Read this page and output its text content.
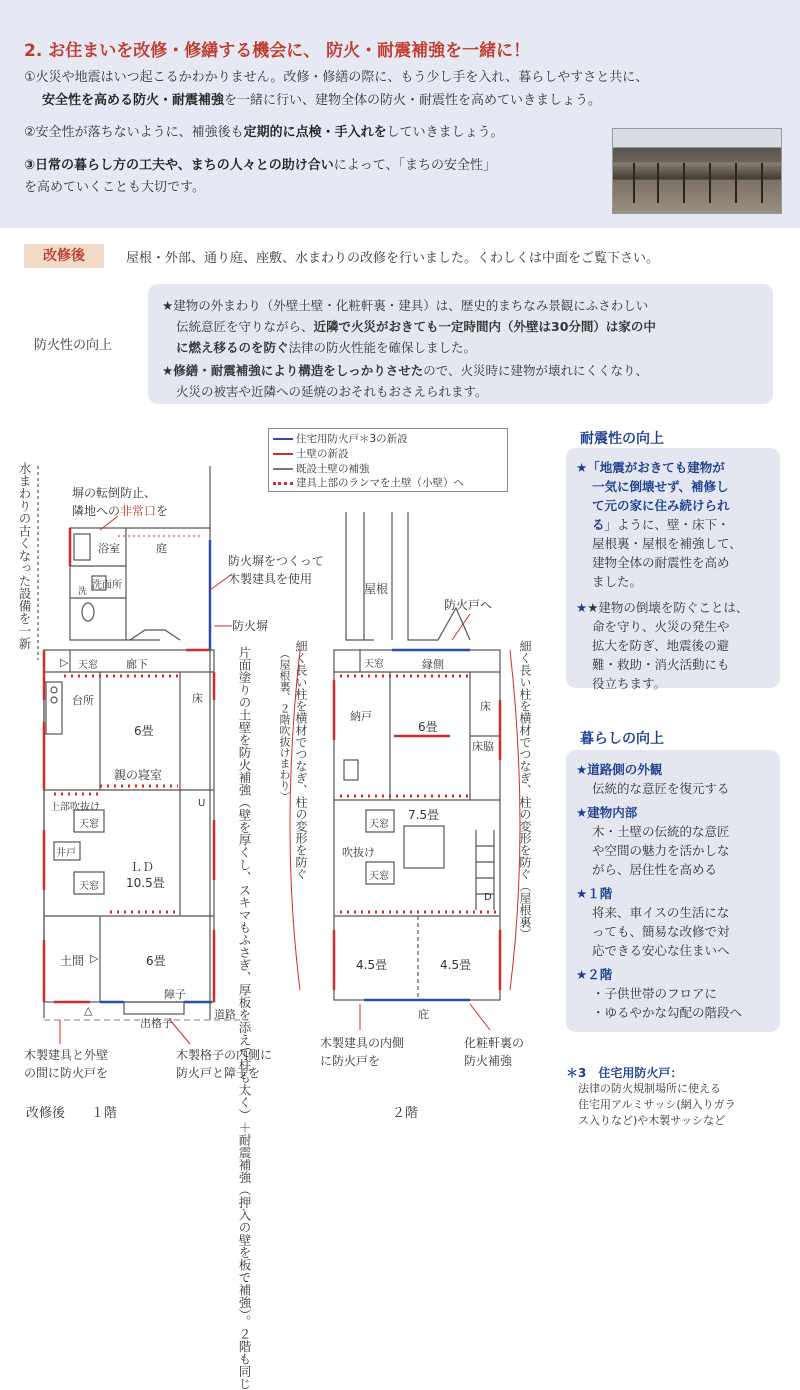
2. お住まいを改修・修繕する機会に、 防火・耐震補強を一緒に！
①火災や地震はいつ起こるかわかりません。改修・修繕の際に、もう少し手を入れ、暮らしやすさと共に、
安全性を高める防火・耐震補強を一緒に行い、建物全体の防火・耐震性を高めていきましょう。
②安全性が落ちないように、補強後も定期的に点検・手入れをしていきましょう。
③日常の暮らし方の工夫や、まちの人々との助け合いによって、「まちの安全性」
を高めていくことも大切です。
改修後	屋根・外部、通り庭、座敷、水まわりの改修を行いました。くわしくは中面をご覧下さい。
防火性の向上
★建物の外まわり（外壁土壁・化粧軒裏・建具）は、歴史的まちなみ景観にふさわしい
伝統意匠を守りながら、近隣で火災がおきても一定時間内（外壁は30分間）は家の中
に燃え移るのを防ぐ法律の防火性能を確保しました。
★修繕・耐震補強により構造をしっかりさせたので、火災時に建物が壊れにくくなり、
火災の被害や近隣への延焼のおそれもおさえられます。
耐震性の向上
★「地震がおきても建物が
一気に倒壊せず、補修し
て元の家に住み続けられ
る」ように、壁・床下・
屋根裏・屋根を補強して、
建物全体の耐震性を高め
ました。
★★建物の倒壊を防ぐことは、
命を守り、火災の発生や
拡大を防ぎ、地震後の避
難・救助・消火活動にも
役立ちます。
暮らしの向上
★道路側の外観
伝統的な意匠を復元する
★建物内部
木・土壁の伝統的な意匠
や空間の魅力を活かしな
がら、居住性を高める
★１階
将来、車イスの生活にな
っても、簡易な改修で対
応できる安心な住まいへ
★２階
・子供世帯のフロアに
・ゆるやかな勾配の階段へ
＊3　住宅用防火戸：
法律の防火規制場所に使える
住宅用アルミサッシ(網入りガラ
ス入りなど)や木製サッシなど
住宅用防火戸＊3の新設
土壁の新設
既設土壁の補強
建具上部のランマを土壁（小壁）へ
水まわりの古くなった設備を一新	塀の転倒防止、
隣地への非常口を
防火塀をつくって
木製建具を使用
防火塀
片面塗りの土壁を防火補強（壁を厚くし、スキマもふさぎ、厚板を添えて柱も太く）＋耐震補強（押入の壁を板で補強）。２階も同じ
浴室	庭
洗面所
洗
▷ 天窓	廊下
台所
6畳
床
親の寝室
上部吹抜け
天窓
井戸
天窓
U
ＬＤ
10.5畳
土間 ▷	6畳
障子
出格子
△	道路
木製建具と外壁
の間に防火戸を
木製格子の内側に
防火戸と障子を
改修後　　１階
屋根
防火戸へ
細く長い柱を横材でつなぎ、柱の変形を防ぐ
（屋根裏、２階吹抜けまわり）	細く長い柱を横材でつなぎ、柱の変形を防ぐ（屋根裏）
天窓	縁側
納戸
6畳
床
床脇
7.5畳
天窓
吹抜け
天窓
D
4.5畳	4.5畳
庇
木製建具の内側
に防火戸を
化粧軒裏の
防火補強
２階
